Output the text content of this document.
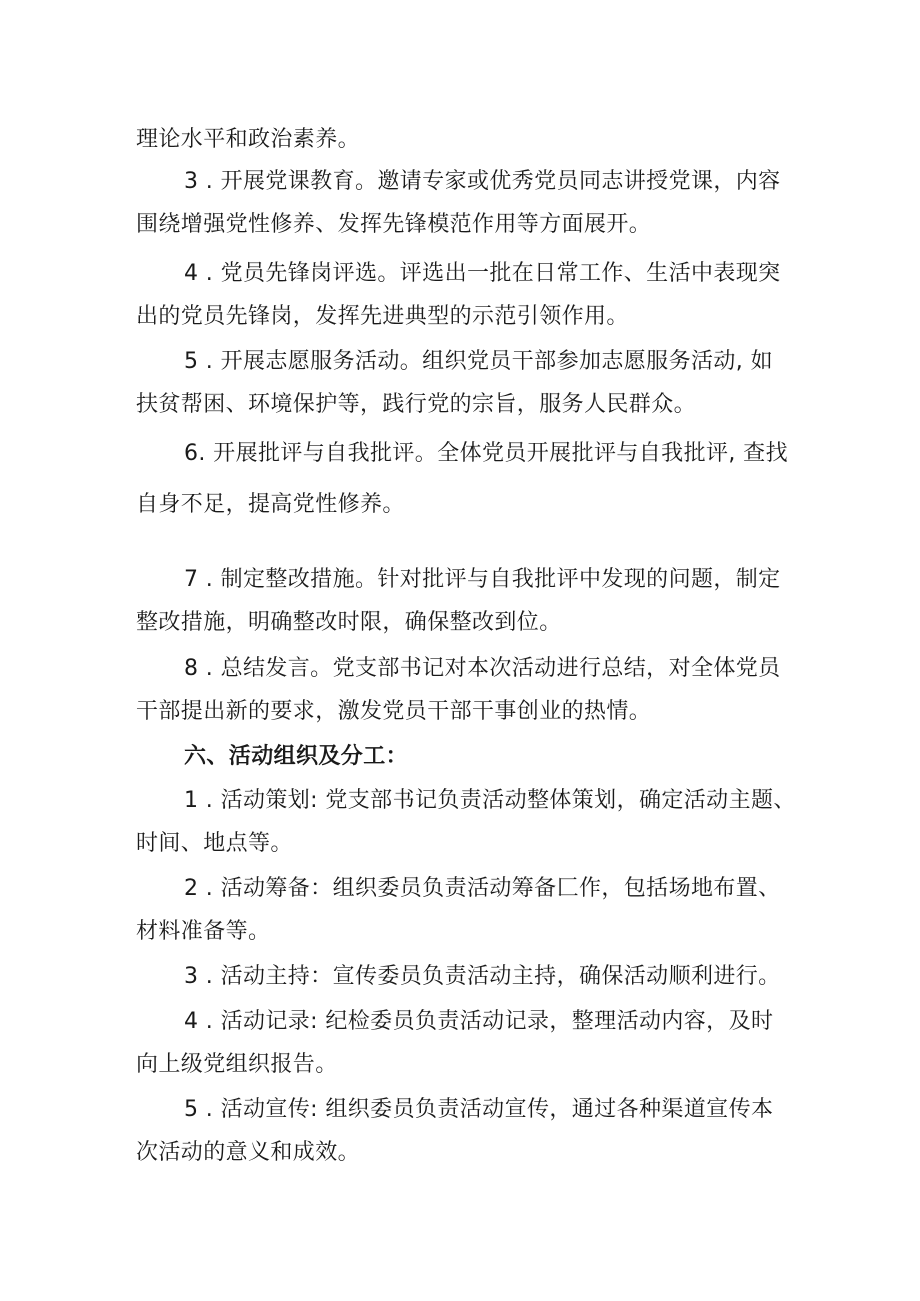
理论水平和政治素养。

3 . 开展党课教育。邀请专家或优秀党员同志讲授党课，内容
围绕增强党性修养、发挥先锋模范作用等方面展开。

4 . 党员先锋岗评选。评选出一批在日常工作、生活中表现突
出的党员先锋岗，发挥先进典型的示范引领作用。

5 . 开展志愿服务活动。组织党员干部参加志愿服务活动, 如
扶贫帮困、环境保护等，践行党的宗旨，服务人民群众。

6. 开展批评与自我批评。全体党员开展批评与自我批评, 查找
自身不足，提高党性修养。

7 . 制定整改措施。针对批评与自我批评中发现的问题，制定
整改措施，明确整改时限，确保整改到位。

8 . 总结发言。党支部书记对本次活动进行总结，对全体党员
干部提出新的要求，激发党员干部干事创业的热情。

六、活动组织及分工：

1 . 活动策划: 党支部书记负责活动整体策划，确定活动主题、
时间、地点等。

2 . 活动筹备：组织委员负责活动筹备匚作，包括场地布置、
材料准备等。

3 . 活动主持：宣传委员负责活动主持，确保活动顺利进行。

4 . 活动记录: 纪检委员负责活动记录，整理活动内容，及时
向上级党组织报告。

5 . 活动宣传: 组织委员负责活动宣传，通过各种渠道宣传本
次活动的意义和成效。
